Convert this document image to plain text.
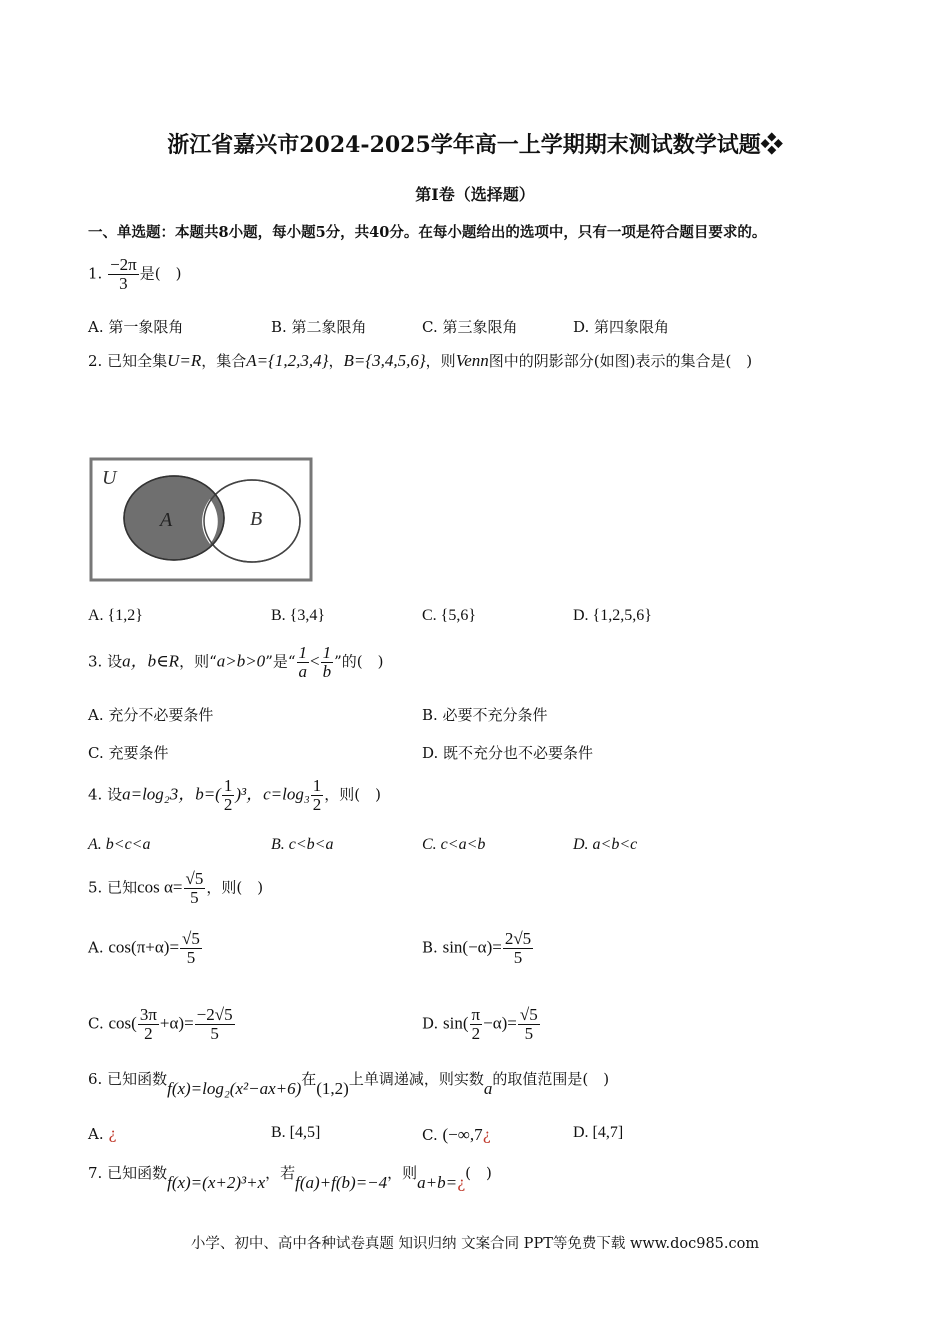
浙江省嘉兴市2024-2025学年高一上学期期末测试数学试题❖
第I卷（选择题）
一、单选题：本题共8小题，每小题5分，共40分。在每小题给出的选项中，只有一项是符合题目要求的。
1. $\frac{-2\pi}{3}$ 是(　)
A. 第一象限角	B. 第二象限角	C. 第三象限角	D. 第四象限角
2. 已知全集U=R，集合A={1,2,3,4}，B={3,4,5,6}，则Venn图中的阴影部分(如图)表示的集合是(　)
U
A	B
A. {1,2}	B. {3,4}	C. {5,6}	D. {1,2,5,6}
3. 设a，b∈R，则“a>b>0”是“ $\frac{1}{a} < \frac{1}{b}$ ”的(　)
A. 充分不必要条件	B. 必要不充分条件
C. 充要条件	D. 既不充分也不必要条件
4. 设a=log₂3，$b=( \frac{1}{2} )^3$，$c=\log_3 \frac{1}{2}$ ，则(　)
A. b<c<a	B. c<b<a	C. c<a<b	D. a<b<c
5. 已知$\cos \alpha= \frac{√5}{5}$ ，则(　)
A. $\cos(\pi+\alpha)= \frac{√5}{5}$	B. $\sin(-\alpha)= \frac{2√5}{5}$
C. $\cos( \frac{3\pi}{2} +\alpha)= \frac{-2√5}{5}$	D. $\sin( \frac{\pi}{2} -\alpha)= \frac{√5}{5}$
6. 已知函数f(x)=log₂(x²−ax+6)在(1,2)上单调递减，则实数a的取值范围是(　)
A. ¿	B. [4,5]	C. (−∞,7¿	D. [4,7]
7. 已知函数f(x)=(x+2)³+x，若f(a)+f(b)=−4，则a+b=¿(　)
小学、初中、高中各种试卷真题 知识归纳 文案合同 PPT等免费下载 www.doc985.com
